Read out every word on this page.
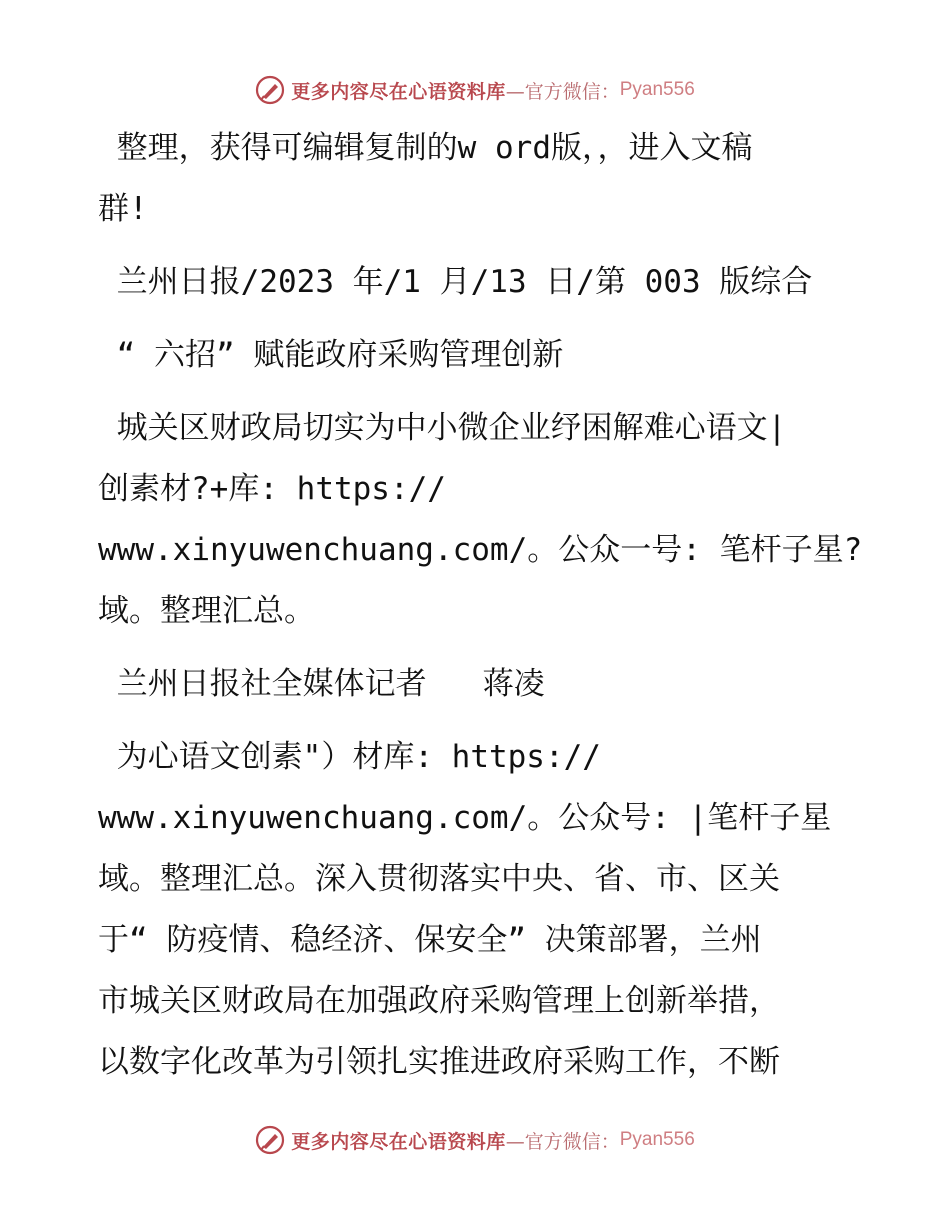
更多内容尽在心语资料库 —官方微信： Pyan556
整理，获得可编辑复制的w ord版，，进入文稿
群!
兰州日报/2023 年/1 月/13 日/第 003 版综合
“ 六招” 赋能政府采购管理创新
城关区财政局切实为中小微企业纾困解难心语文|
创素材?+库: https://
www.xinyuwenchuang.com/。公众一号: 笔杆子星?
域。整理汇总。
兰州日报社全媒体记者   蒋凌
为心语文创素"）材库: https://
www.xinyuwenchuang.com/。公众号: |笔杆子星
域。整理汇总。深入贯彻落实中央、省、市、区关
于“ 防疫情、稳经济、保安全” 决策部署，兰州
市城关区财政局在加强政府采购管理上创新举措，
以数字化改革为引领扎实推进政府采购工作，不断
更多内容尽在心语资料库 —官方微信： Pyan556
